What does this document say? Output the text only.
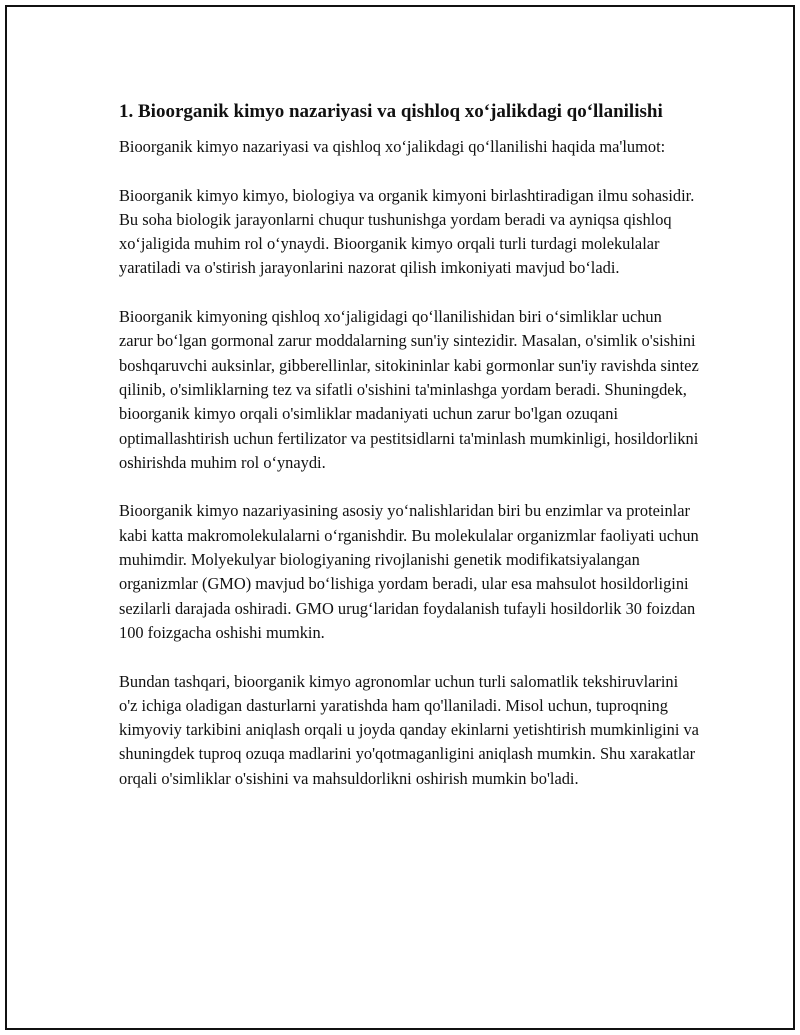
1. Bioorganik kimyo nazariyasi va qishloq xo‘jalikdagi qo‘llanilishi

Bioorganik kimyo nazariyasi va qishloq xo‘jalikdagi qo‘llanilishi haqida ma'lumot:

Bioorganik kimyo kimyo, biologiya va organik kimyoni birlashtiradigan ilmu sohasidir. Bu soha biologik jarayonlarni chuqur tushunishga yordam beradi va ayniqsa qishloq xo‘jaligida muhim rol o‘ynaydi. Bioorganik kimyo orqali turli turdagi molekulalar yaratiladi va o'stirish jarayonlarini nazorat qilish imkoniyati mavjud bo‘ladi.

Bioorganik kimyoning qishloq xo‘jaligidagi qo‘llanilishidan biri o‘simliklar uchun zarur bo‘lgan gormonal zarur moddalarning sun'iy sintezidir. Masalan, o'simlik o'sishini boshqaruvchi auksinlar, gibberellinlar, sitokininlar kabi gormonlar sun'iy ravishda sintez qilinib, o'simliklarning tez va sifatli o'sishini ta'minlashga yordam beradi. Shuningdek, bioorganik kimyo orqali o'simliklar madaniyati uchun zarur bo'lgan ozuqani optimallashtirish uchun fertilizator va pestitsidlarni ta'minlash mumkinligi, hosildorlikni oshirishda muhim rol o‘ynaydi.

Bioorganik kimyo nazariyasining asosiy yo‘nalishlaridan biri bu enzimlar va proteinlar kabi katta makromolekulalarni o‘rganishdir. Bu molekulalar organizmlar faoliyati uchun muhimdir. Molyekulyar biologiyaning rivojlanishi genetik modifikatsiyalangan organizmlar (GMO) mavjud bo‘lishiga yordam beradi, ular esa mahsulot hosildorligini sezilarli darajada oshiradi. GMO urug‘laridan foydalanish tufayli hosildorlik 30 foizdan 100 foizgacha oshishi mumkin.

Bundan tashqari, bioorganik kimyo agronomlar uchun turli salomatlik tekshiruvlarini o'z ichiga oladigan dasturlarni yaratishda ham qo'llaniladi. Misol uchun, tuproqning kimyoviy tarkibini aniqlash orqali u joyda qanday ekinlarni yetishtirish mumkinligini va shuningdek tuproq ozuqa madlarini yo'qotmaganligini aniqlash mumkin. Shu xarakatlar orqali o'simliklar o'sishini va mahsuldorlikni oshirish mumkin bo'ladi.
